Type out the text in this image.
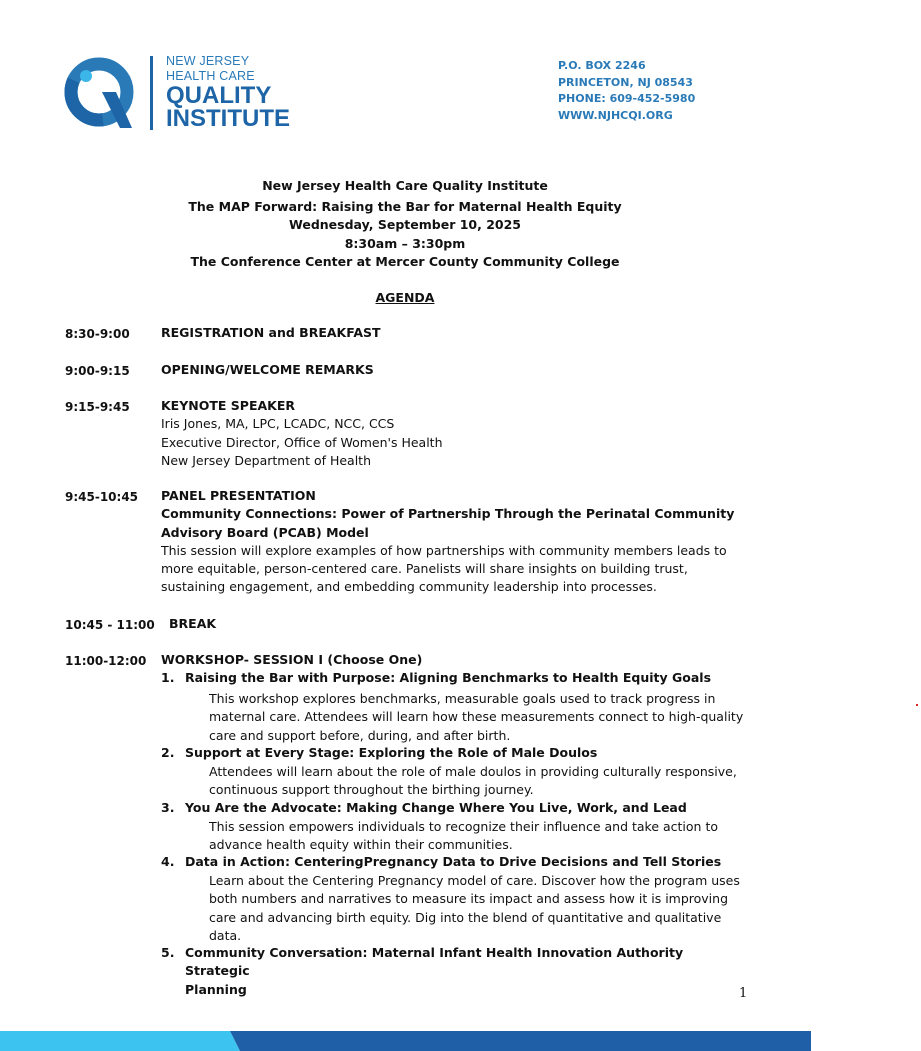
NEW JERSEY
HEALTH CARE
QUALITY
INSTITUTE
P.O. BOX 2246
PRINCETON, NJ 08543
PHONE: 609-452-5980
WWW.NJHCQI.ORG
New Jersey Health Care Quality Institute
The MAP Forward: Raising the Bar for Maternal Health Equity
Wednesday, September 10, 2025
8:30am – 3:30pm
The Conference Center at Mercer County Community College
AGENDA
8:30-9:00	REGISTRATION and BREAKFAST
9:00-9:15	OPENING/WELCOME REMARKS
9:15-9:45	KEYNOTE SPEAKER
Iris Jones, MA, LPC, LCADC, NCC, CCS
Executive Director, Office of Women's Health
New Jersey Department of Health
9:45-10:45 PANEL PRESENTATION
Community Connections: Power of Partnership Through the Perinatal Community
Advisory Board (PCAB) Model
This session will explore examples of how partnerships with community members leads to
more equitable, person-centered care. Panelists will share insights on building trust,
sustaining engagement, and embedding community leadership into processes.
10:45 - 11:00 BREAK
11:00-12:00 WORKSHOP- SESSION I (Choose One)
1. Raising the Bar with Purpose: Aligning Benchmarks to Health Equity Goals
This workshop explores benchmarks, measurable goals used to track progress in
maternal care. Attendees will learn how these measurements connect to high-quality
care and support before, during, and after birth.
2. Support at Every Stage: Exploring the Role of Male Doulos
Attendees will learn about the role of male doulos in providing culturally responsive,
continuous support throughout the birthing journey.
3. You Are the Advocate: Making Change Where You Live, Work, and Lead
This session empowers individuals to recognize their influence and take action to
advance health equity within their communities.
4. Data in Action: CenteringPregnancy Data to Drive Decisions and Tell Stories
Learn about the Centering Pregnancy model of care. Discover how the program uses
both numbers and narratives to measure its impact and assess how it is improving
care and advancing birth equity. Dig into the blend of quantitative and qualitative
data.
5. Community Conversation: Maternal Infant Health Innovation Authority Strategic
Planning	1
